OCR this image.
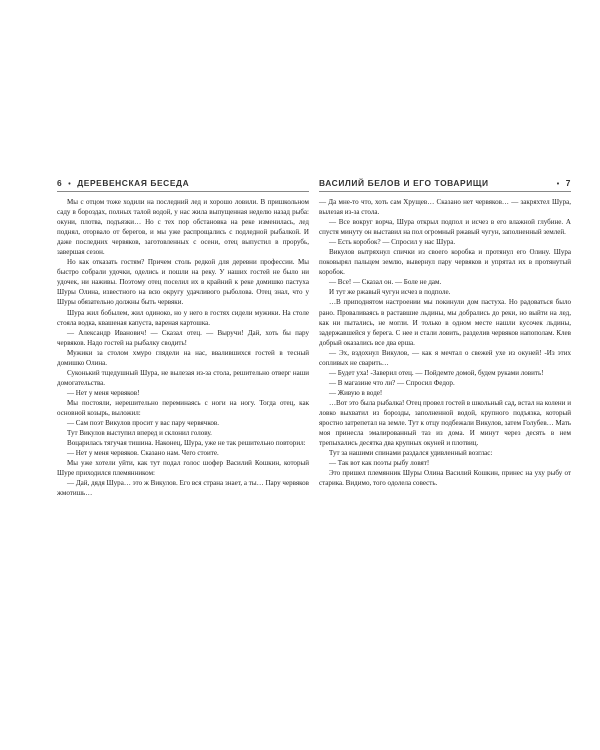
6 • ДЕРЕВЕНСКАЯ БЕСЕДА

Мы с отцом тоже ходили на последний лед и хорошо ловили. В пришкольном саду в бороздах, полных талой водой, у нас жила выпущенная неделю назад рыба: окуни, плотва, подъязки… Но с тех пор обстановка на реке изменилась, лед поднял, оторвало от берегов, и мы уже распрощались с подледной рыбалкой. И даже последних червяков, заготовленных с осени, отец выпустил в прорубь, завершая сезон.

Но как отказать гостям? Причем столь редкой для деревни профессии. Мы быстро собрали удочки, оделись и пошли на реку. У наших гостей не было ни удочек, ни наживы. Поэтому отец поселил их в крайний к реке домишко пастуха Шуры Олина, известного на всю округу удачливого рыболова. Отец знал, что у Шуры обязательно должны быть червяки.

Шура жил бобылем, жил одиноко, но у него в гостях сидели мужики. На столе стояла водка, квашеная капуста, вареная картошка.

— Александр Иванович! — Сказал отец. — Выручи! Дай, хоть бы пару червяков. Надо гостей на рыбалку сводить!

Мужики за столом хмуро глядели на нас, ввалившихся гостей в тесный домишко Олина.

Суконький тщедушный Шура, не вылезая из-за стола, решительно отверг наши домогательства.

— Нет у меня червяков!

Мы постояли, нерешительно переминаясь с ноги на ногу. Тогда отец, как основной козырь, выложил:

— Сам поэт Викулов просит у вас пару червячков.

Тут Викулов выступил вперед и склонил голову.

Воцарилась тягучая тишина. Наконец, Шура, уже не так решительно повторил:

— Нет у меня червяков. Сказано нам. Чего стоите.

Мы уже хотели уйти, как тут подал голос шофер Василий Кошкин, который Шуре приходился племянником:

— Дай, дядя Шура… это ж Викулов. Его вся страна знает, а ты… Пару червяков жмотишь…

ВАСИЛИЙ БЕЛОВ И ЕГО ТОВАРИЩИ	• 7

— Да мне-то что, хоть сам Хрущев… Сказано нет червяков… — закряхтел Шура, вылезая из-за стола.

— Все вокруг ворча, Шура открыл подпол и исчез в его влажной глубине. А спустя минуту он выставил на пол огромный ржавый чугун, заполненный землей.

— Есть коробок? — Спросил у нас Шура.

Викулов вытряхнул спички из своего коробка и протянул его Олину. Шура поковырял пальцем землю, вывернул пару червяков и упрятал их в протянутый коробок.

— Все! — Сказал он. — Боле не дам.

И тут же ржавый чугун исчез в подполе.

…В приподнятом настроении мы покинули дом пастуха. Но радоваться было рано. Проваливаясь в раставшие льдины, мы добрались до реки, но выйти на лед, как ни пытались, не могли. И только в одном месте нашли кусочек льдины, задержавшейся у берега. С нее и стали ловить, разделив червяков напополам. Клев добрый оказались все два ерша.

— Эх, вздохнул Викулов, — как я мечтал о свежей ухе из окуней! -Из этих сопливых не сварить…

— Будет уха! -Заверил отец. — Пойдемте домой, будем руками ловить!

— В магазине что ли? — Спросил Федор.

— Живую в воде!

…Вот это была рыбалка! Отец провел гостей в школьный сад, встал на колени и ловко выхватил из борозды, заполненной водой, крупного подъязка, который яростно затрепетал на земле. Тут к отцу подбежали Викулов, затем Голубев… Мать моя принесла эмалированный таз из дома. И минут через десять в нем трепыхались десятка два крупных окуней и плотвиц.

Тут за нашими спинами раздался удивленный возглас:

— Так вот как поэты рыбу ловят!

Это пришел племянник Шуры Олина Василий Кошкин, принес на уху рыбу от старика. Видимо, того одолела совесть.
